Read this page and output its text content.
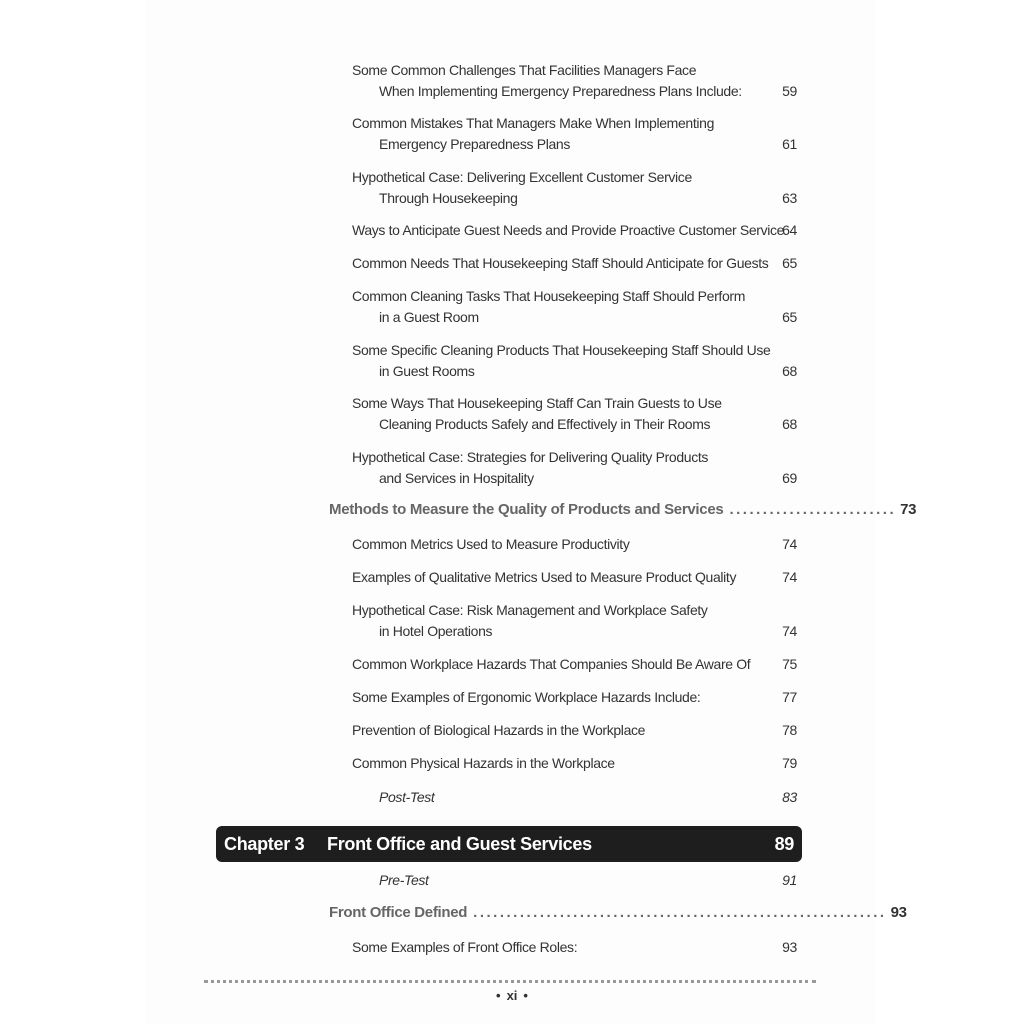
Some Common Challenges That Facilities Managers Face
When Implementing Emergency Preparedness Plans Include:	59
Common Mistakes That Managers Make When Implementing
Emergency Preparedness Plans	61
Hypothetical Case: Delivering Excellent Customer Service
Through Housekeeping	63
Ways to Anticipate Guest Needs and Provide Proactive Customer Service
64
Common Needs That Housekeeping Staff Should Anticipate for Guests 65
Common Cleaning Tasks That Housekeeping Staff Should Perform
in a Guest Room	65
Some Specific Cleaning Products That Housekeeping Staff Should Use
in Guest Rooms	68
Some Ways That Housekeeping Staff Can Train Guests to Use
Cleaning Products Safely and Effectively in Their Rooms	68
Hypothetical Case: Strategies for Delivering Quality Products
and Services in Hospitality	69
Methods to Measure the Quality of Products and Services ......................... 73
Common Metrics Used to Measure Productivity	74
Examples of Qualitative Metrics Used to Measure Product Quality	74
Hypothetical Case: Risk Management and Workplace Safety
in Hotel Operations	74
Common Workplace Hazards That Companies Should Be Aware Of	75
Some Examples of Ergonomic Workplace Hazards Include:	77
Prevention of Biological Hazards in the Workplace	78
Common Physical Hazards in the Workplace	79
Post-Test	83
Chapter 3 Front Office and Guest Services	89
Pre-Test	91
Front Office Defined .............................................................. 93
Some Examples of Front Office Roles:	93
• xi •
